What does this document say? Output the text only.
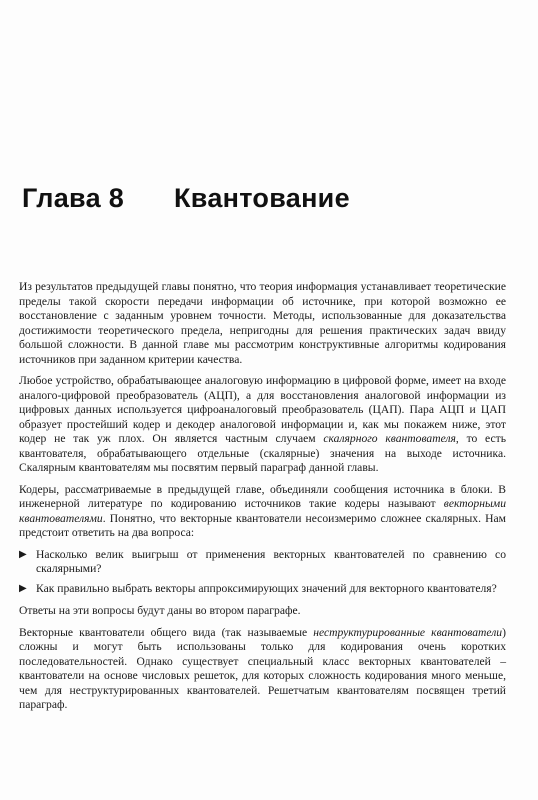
Глава 8 Квантование

Из результатов предыдущей главы понятно, что теория информация устанавливает теоретические пределы такой скорости передачи информации об источнике, при которой возможно ее восстановление с заданным уровнем точности. Методы, использованные для доказательства достижимости теоретического предела, непригодны для решения практических задач ввиду большой сложности. В данной главе мы рассмотрим конструктивные алгоритмы кодирования источников при заданном критерии качества.

Любое устройство, обрабатывающее аналоговую информацию в цифровой форме, имеет на входе аналого-цифровой преобразователь (АЦП), а для восстановления аналоговой информации из цифровых данных используется цифроаналоговый преобразователь (ЦАП). Пара АЦП и ЦАП образует простейший кодер и декодер аналоговой информации и, как мы покажем ниже, этот кодер не так уж плох. Он является частным случаем скалярного квантователя, то есть квантователя, обрабатывающего отдельные (скалярные) значения на выходе источника. Скалярным квантователям мы посвятим первый параграф данной главы.

Кодеры, рассматриваемые в предыдущей главе, объединяли сообщения источника в блоки. В инженерной литературе по кодированию источников такие кодеры называют векторными квантователями. Понятно, что векторные квантователи несоизмеримо сложнее скалярных. Нам предстоит ответить на два вопроса:

▶ Насколько велик выигрыш от применения векторных квантователей по сравнению со скалярными?
▶ Как правильно выбрать векторы аппроксимирующих значений для векторного квантователя?

Ответы на эти вопросы будут даны во втором параграфе.

Векторные квантователи общего вида (так называемые неструктурированные квантователи) сложны и могут быть использованы только для кодирования очень коротких последовательностей. Однако существует специальный класс векторных квантователей – квантователи на основе числовых решеток, для которых сложность кодирования много меньше, чем для неструктурированных квантователей. Решетчатым квантователям посвящен третий параграф.
